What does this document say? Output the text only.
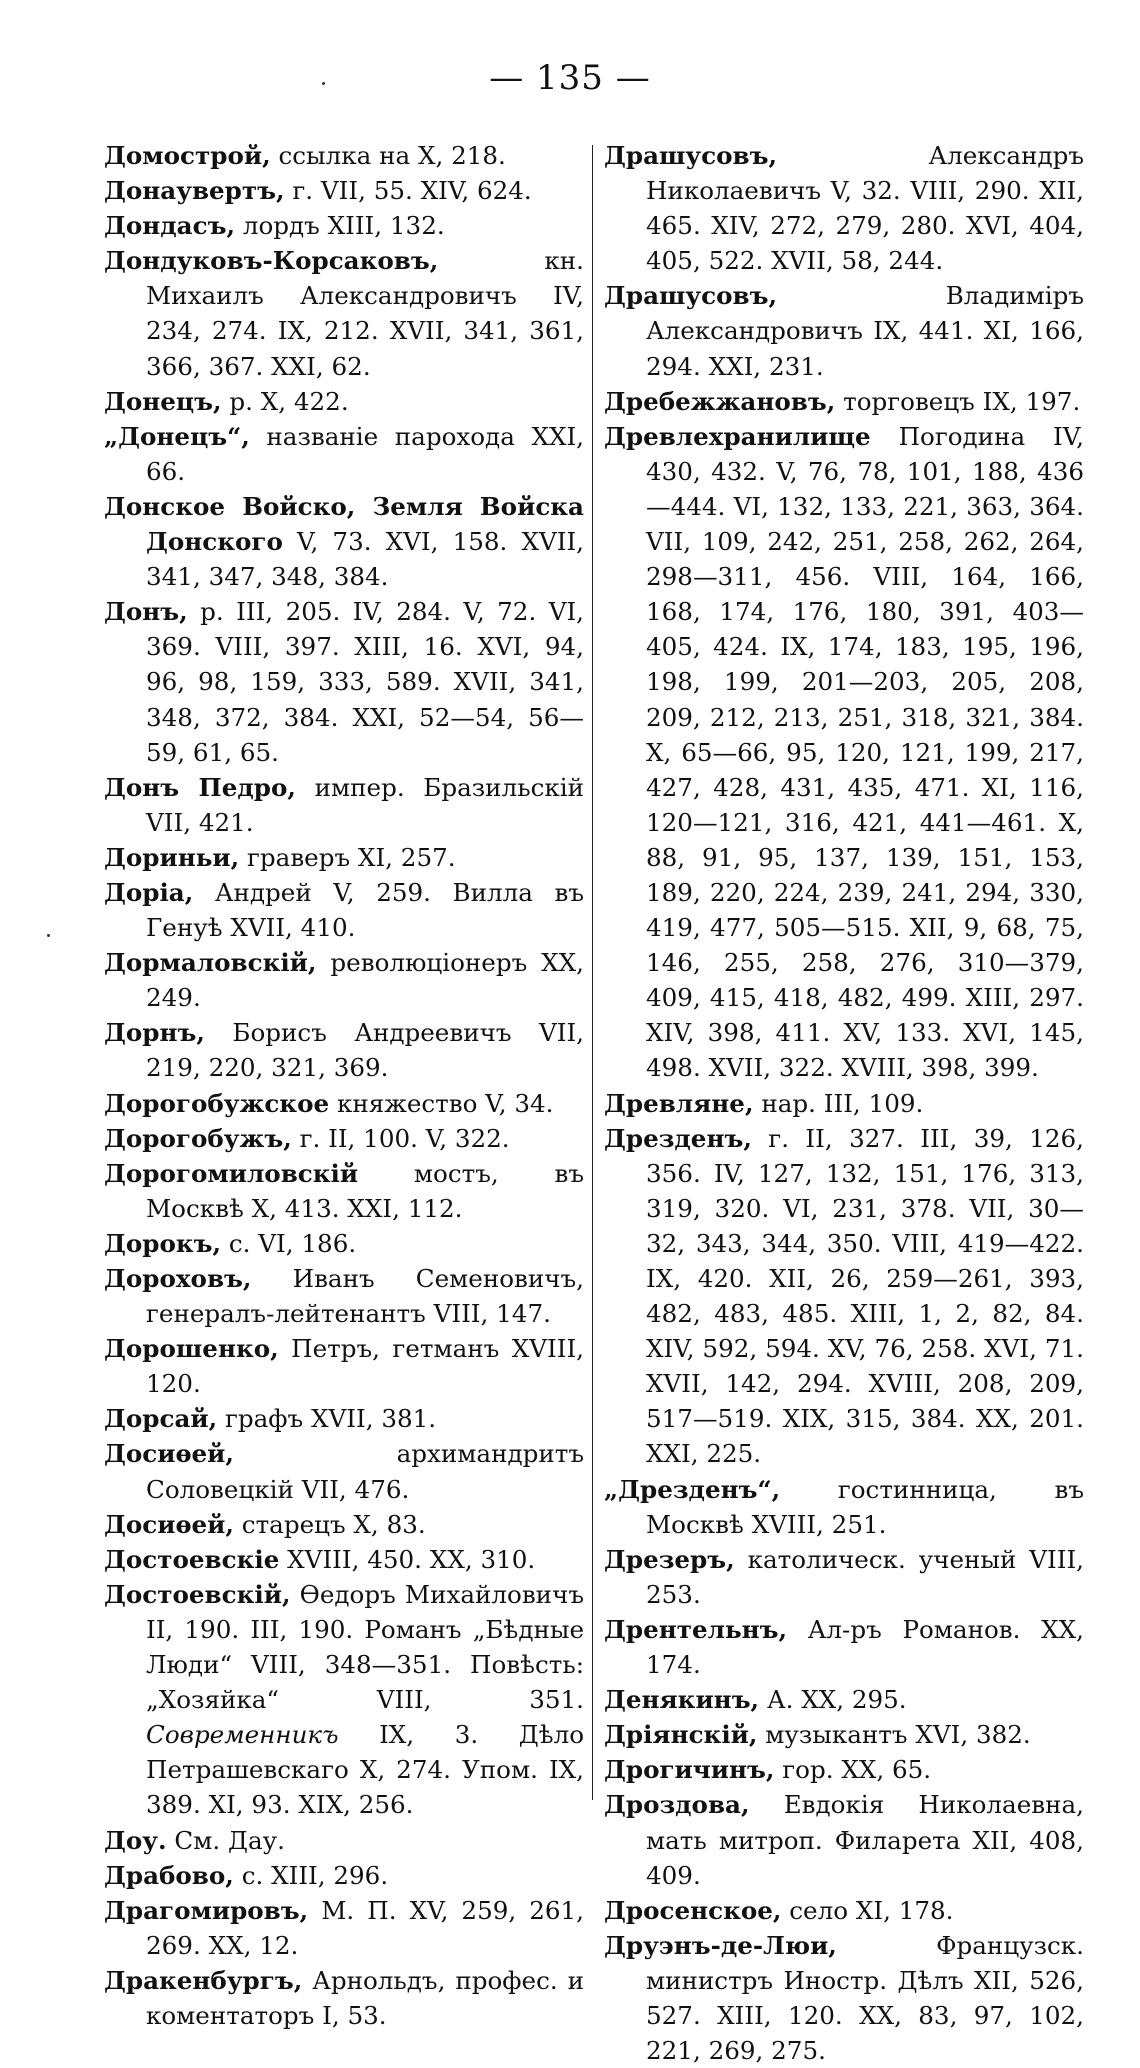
— 135 —

Домострой, ссылка на X, 218.

Донаувертъ, г. VII, 55. XIV, 624.

Дондасъ, лордъ XIII, 132.

Дондуковъ-Корсаковъ, кн. Михаилъ Александровичъ IV, 234, 274. IX, 212. XVII, 341, 361, 366, 367. XXI, 62.

Донецъ, р. X, 422.

„Донецъ“, названіе парохода XXI, 66.

Донское Войско, Земля Войска Донского V, 73. XVI, 158. XVII, 341, 347, 348, 384.

Донъ, р. III, 205. IV, 284. V, 72. VI, 369. VIII, 397. XIII, 16. XVI, 94, 96, 98, 159, 333, 589. XVII, 341, 348, 372, 384. XXI, 52—54, 56—59, 61, 65.

Донъ Педро, импер. Бразильскій VII, 421.

Дориньи, граверъ XI, 257.

Доріа, Андрей V, 259. Вилла въ Генуѣ XVII, 410.

Дормаловскій, революціонеръ XX, 249.

Дорнъ, Борисъ Андреевичъ VII, 219, 220, 321, 369.

Дорогобужское княжество V, 34.

Дорогобужъ, г. II, 100. V, 322.

Дорогомиловскій мостъ, въ Москвѣ X, 413. XXI, 112.

Дорокъ, с. VI, 186.

Дороховъ, Иванъ Семеновичъ, генералъ-лейтенантъ VIII, 147.

Дорошенко, Петръ, гетманъ XVIII, 120.

Дорсай, графъ XVII, 381.

Досиѳей, архимандритъ Соловецкій VII, 476.

Досиѳей, старецъ X, 83.

Достоевскіе XVIII, 450. XX, 310.

Достоевскій, Ѳедоръ Михайловичъ II, 190. III, 190. Романъ „Бѣдные Люди“ VIII, 348—351. Повѣсть: „Хозяйка“ VIII, 351. Современникъ IX, 3. Дѣло Петрашевскаго X, 274. Упом. IX, 389. XI, 93. XIX, 256.

Доу. См. Дау.

Драбово, с. XIII, 296.

Драгомировъ, М. П. XV, 259, 261, 269. XX, 12.

Дракенбургъ, Арнольдъ, профес. и коментаторъ I, 53.

Драшусовъ, Александръ Николаевичъ V, 32. VIII, 290. XII, 465. XIV, 272, 279, 280. XVI, 404, 405, 522. XVII, 58, 244.

Драшусовъ, Владиміръ Александровичъ IX, 441. XI, 166, 294. XXI, 231.

Дребежжановъ, торговецъ IX, 197.

Древлехранилище Погодина IV, 430, 432. V, 76, 78, 101, 188, 436—444. VI, 132, 133, 221, 363, 364. VII, 109, 242, 251, 258, 262, 264, 298—311, 456. VIII, 164, 166, 168, 174, 176, 180, 391, 403—405, 424. IX, 174, 183, 195, 196, 198, 199, 201—203, 205, 208, 209, 212, 213, 251, 318, 321, 384. X, 65—66, 95, 120, 121, 199, 217, 427, 428, 431, 435, 471. XI, 116, 120—121, 316, 421, 441—461. X, 88, 91, 95, 137, 139, 151, 153, 189, 220, 224, 239, 241, 294, 330, 419, 477, 505—515. XII, 9, 68, 75, 146, 255, 258, 276, 310—379, 409, 415, 418, 482, 499. XIII, 297. XIV, 398, 411. XV, 133. XVI, 145, 498. XVII, 322. XVIII, 398, 399.

Древляне, нар. III, 109.

Дрезденъ, г. II, 327. III, 39, 126, 356. IV, 127, 132, 151, 176, 313, 319, 320. VI, 231, 378. VII, 30—32, 343, 344, 350. VIII, 419—422. IX, 420. XII, 26, 259—261, 393, 482, 483, 485. XIII, 1, 2, 82, 84. XIV, 592, 594. XV, 76, 258. XVI, 71. XVII, 142, 294. XVIII, 208, 209, 517—519. XIX, 315, 384. XX, 201. XXI, 225.

„Дрезденъ“, гостинница, въ Москвѣ XVIII, 251.

Дрезеръ, католическ. ученый VIII, 253.

Дрентельнъ, Ал-ръ Романов. XX, 174.

Денякинъ, А. XX, 295.

Дріянскій, музыкантъ XVI, 382.

Дрогичинъ, гор. XX, 65.

Дроздова, Евдокія Николаевна, мать митроп. Филарета XII, 408, 409.

Дросенское, село XI, 178.

Друэнъ-де-Люи, Французск. министръ Иностр. Дѣлъ XII, 526, 527. XIII, 120. XX, 83, 97, 102, 221, 269, 275.
